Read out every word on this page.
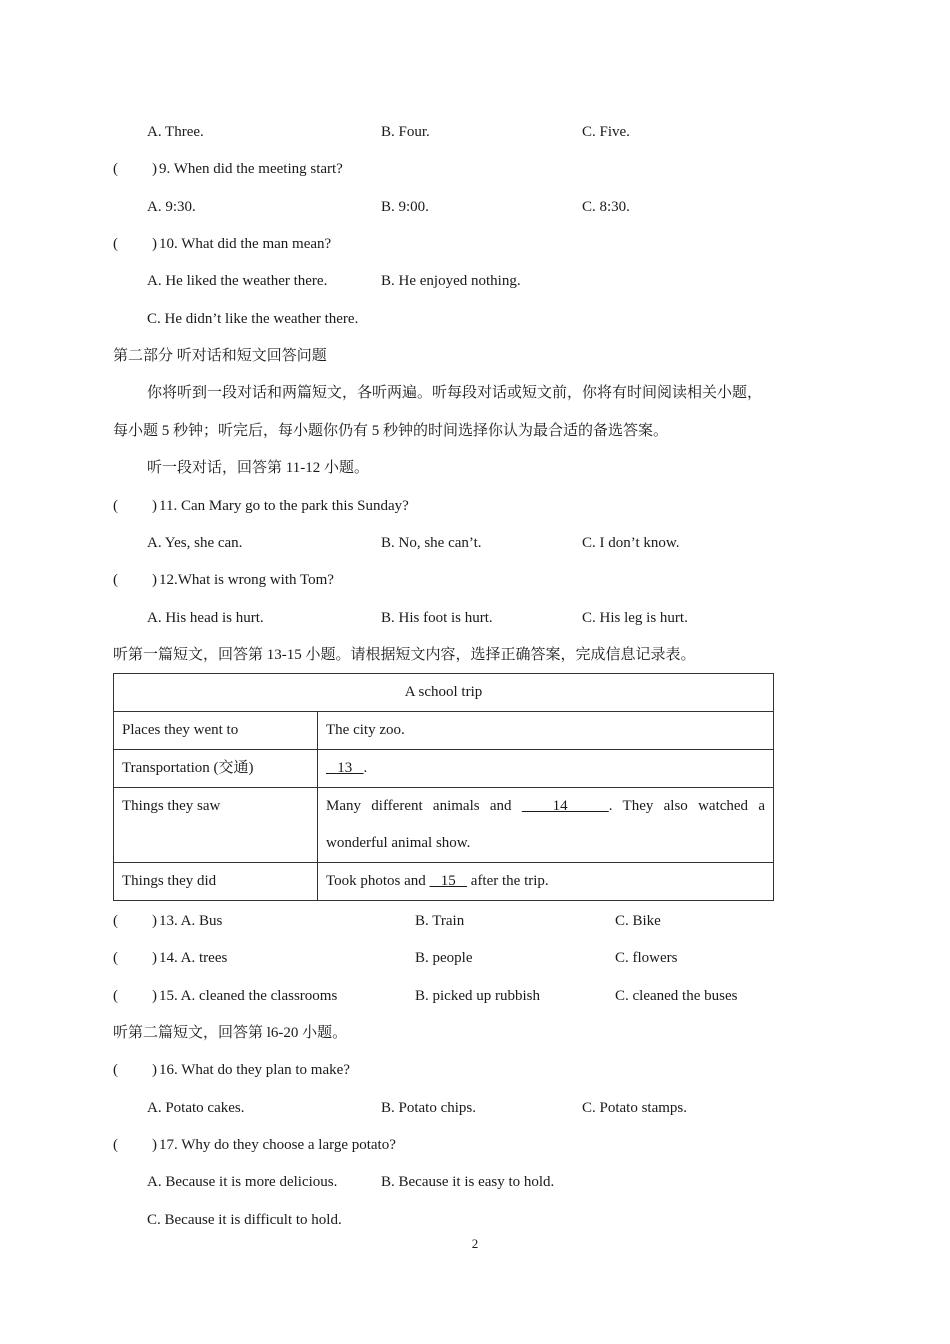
A. Three.	B. Four.	C. Five.
( ) 9. When did the meeting start?
A. 9:30.	B. 9:00.	C. 8:30.
( ) 10. What did the man mean?
A. He liked the weather there.	B. He enjoyed nothing.
C. He didn’t like the weather there.
第二部分 听对话和短文回答问题
你将听到一段对话和两篇短文，各听两遍。听每段对话或短文前，你将有时间阅读相关小题，
每小题 5 秒钟；听完后，每小题你仍有 5 秒钟的时间选择你认为最合适的备选答案。
听一段对话，回答第 11-12 小题。
( ) 11. Can Mary go to the park this Sunday?
A. Yes, she can.	B. No, she can’t.	C. I don’t know.
( ) 12.What is wrong with Tom?
A. His head is hurt.	B. His foot is hurt.	C. His leg is hurt.
听第一篇短文，回答第 13-15 小题。请根据短文内容，选择正确答案，完成信息记录表。
A school trip	
Places they went to	The city zoo.
Transportation (交通)	13   .
Things they saw	Many different animals and    14    . They also watched a
wonderful animal show.

Things they did	Took photos and    15    after the trip.
( ) 13. A. Bus	B. Train	C. Bike
( ) 14. A. trees	B. people	C. flowers
( ) 15. A. cleaned the classrooms	B. picked up rubbish	C. cleaned the buses
听第二篇短文，回答第 l6-20 小题。
( ) 16. What do they plan to make?
A. Potato cakes.	B. Potato chips.	C. Potato stamps.
( ) 17. Why do they choose a large potato?
A. Because it is more delicious.	B. Because it is easy to hold.
C. Because it is difficult to hold.
2
